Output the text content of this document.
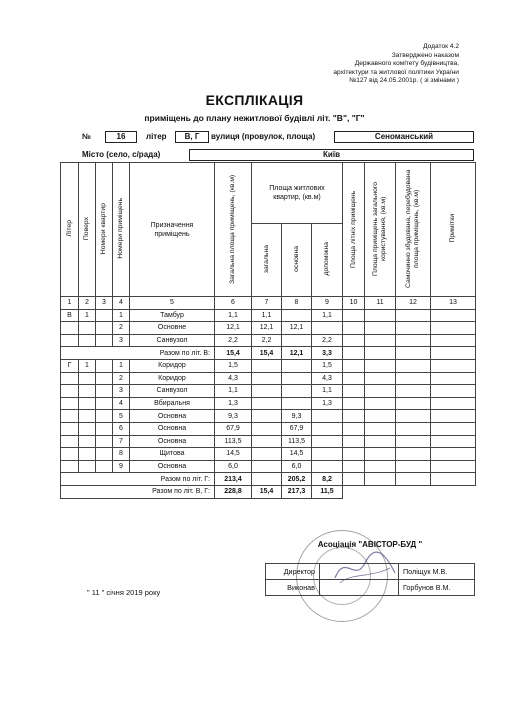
Додаток 4.2
Затверджено наказом
Державного комітету будівництва,
архітектури та житлової політики України
№127 від 24.05.2001р. ( зі змінами )
ЕКСПЛІКАЦІЯ
приміщень до плану нежитлової будівлі літ. "В", "Г"
№	16	літер	В, Г	вулиця (провулок, площа)	Сеноманський
Місто (село, с/рада)	Київ
Літер	Поверх	Номери квартир	Номери приміщень	Призначення приміщень	Загальна площа приміщень, (кв.м)	Площа житлових квартир, (кв.м)			Площа літніх приміщень	Площа приміщень загального користування, (кв.м)	Самочинно збудована, перебудована площа приміщень, (кв.м)	Примітки
						загальна	основна	допоміжна				
1	2	3	4	5	6	7	8	9	10	11	12	13
В	1		1	Тамбур	1,1	1,1		1,1				
			2	Основне	12,1	12,1	12,1					
			3	Санвузол	2,2	2,2		2,2				
Разом по літ. В:					15,4	15,4	12,1	3,3				
Г	1		1	Коридор	1,5			1,5				
			2	Коридор	4,3			4,3				
			3	Санвузол	1,1			1,1				
			4	Вбиральня	1,3			1,3				
			5	Основна	9,3		9,3					
			6	Основна	67,9		67,9					
			7	Основна	113,5		113,5					
			8	Щитова	14,5		14,5					
			9	Основна	6,0		6,0					
Разом по літ. Г:					213,4		205,2	8,2				
Разом по літ. В, Г:					228,8	15,4	217,3	11,5				
Асоціація "АВІСТОР-БУД "
Директор		Поліщук М.В.
Виконав		Горбунов В.М.
" 11 " січня 2019 року
